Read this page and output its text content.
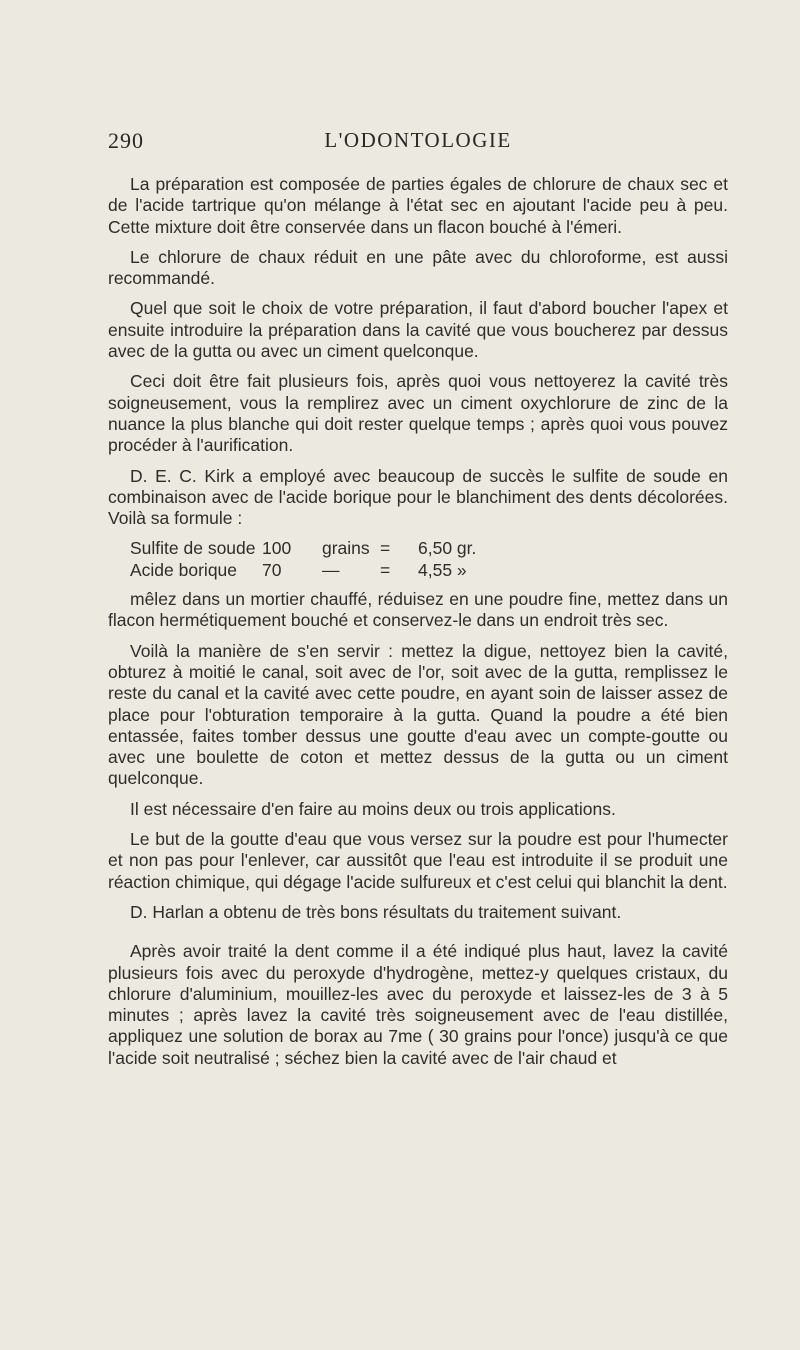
290	L'ODONTOLOGIE

La préparation est composée de parties égales de chlorure de chaux sec et de l'acide tartrique qu'on mélange à l'état sec en ajoutant l'acide peu à peu. Cette mixture doit être conservée dans un flacon bouché à l'émeri.

Le chlorure de chaux réduit en une pâte avec du chloroforme, est aussi recommandé.

Quel que soit le choix de votre préparation, il faut d'abord boucher l'apex et ensuite introduire la préparation dans la cavité que vous boucherez par dessus avec de la gutta ou avec un ciment quelconque.

Ceci doit être fait plusieurs fois, après quoi vous nettoyerez la cavité très soigneusement, vous la remplirez avec un ciment oxychlorure de zinc de la nuance la plus blanche qui doit rester quelque temps ; après quoi vous pouvez procéder à l'aurification.

D. E. C. Kirk a employé avec beaucoup de succès le sulfite de soude en combinaison avec de l'acide borique pour le blanchiment des dents décolorées. Voilà sa formule :

Sulfite de soude 100	grains =	6,50 gr.
Acide borique	70	—	=	4,55 »

mêlez dans un mortier chauffé, réduisez en une poudre fine, mettez dans un flacon hermétiquement bouché et conservez-le dans un endroit très sec.

Voilà la manière de s'en servir : mettez la digue, nettoyez bien la cavité, obturez à moitié le canal, soit avec de l'or, soit avec de la gutta, remplissez le reste du canal et la cavité avec cette poudre, en ayant soin de laisser assez de place pour l'obturation temporaire à la gutta. Quand la poudre a été bien entassée, faites tomber dessus une goutte d'eau avec un compte-goutte ou avec une boulette de coton et mettez dessus de la gutta ou un ciment quelconque.

Il est nécessaire d'en faire au moins deux ou trois applications.

Le but de la goutte d'eau que vous versez sur la poudre est pour l'humecter et non pas pour l'enlever, car aussitôt que l'eau est introduite il se produit une réaction chimique, qui dégage l'acide sulfureux et c'est celui qui blanchit la dent.

D. Harlan a obtenu de très bons résultats du traitement suivant.

Après avoir traité la dent comme il a été indiqué plus haut, lavez la cavité plusieurs fois avec du peroxyde d'hydrogène, mettez-y quelques cristaux, du chlorure d'aluminium, mouillez-les avec du peroxyde et laissez-les de 3 à 5 minutes ; après lavez la cavité très soigneusement avec de l'eau distillée, appliquez une solution de borax au 7me ( 30 grains pour l'once) jusqu'à ce que l'acide soit neutralisé ; séchez bien la cavité avec de l'air chaud et
